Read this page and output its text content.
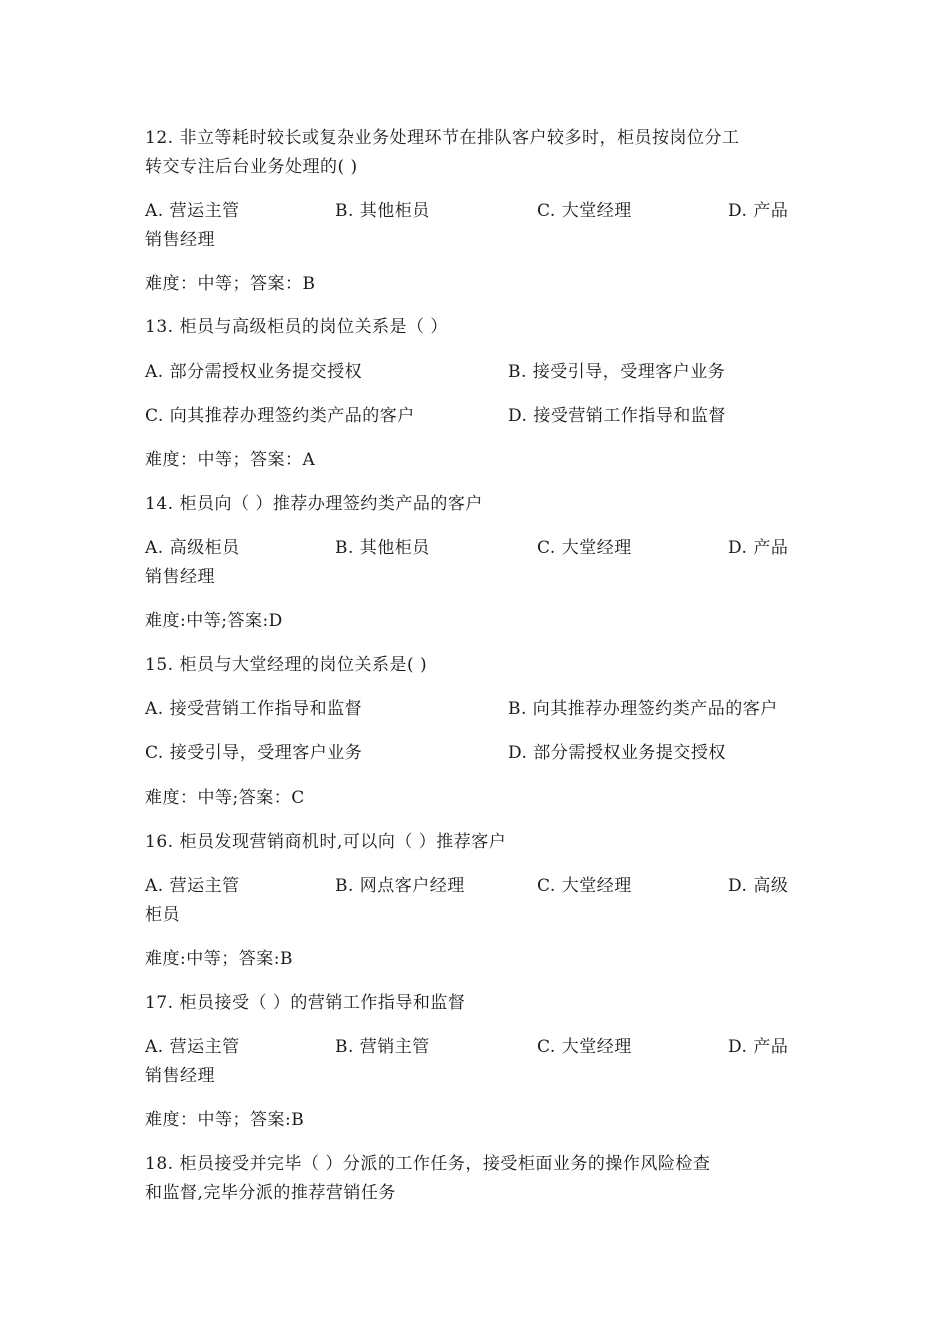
12. 非立等耗时较长或复杂业务处理环节在排队客户较多时，柜员按岗位分工
转交专注后台业务处理的( )
A. 营运主管	B. 其他柜员	C. 大堂经理	D. 产品
销售经理
难度：中等；答案：B
13. 柜员与高级柜员的岗位关系是（ ）
A. 部分需授权业务提交授权	B. 接受引导，受理客户业务
C. 向其推荐办理签约类产品的客户	D. 接受营销工作指导和监督
难度：中等；答案：A
14. 柜员向（ ）推荐办理签约类产品的客户
A. 高级柜员	B. 其他柜员	C. 大堂经理	D. 产品
销售经理
难度:中等;答案:D
15. 柜员与大堂经理的岗位关系是( )
A. 接受营销工作指导和监督	B. 向其推荐办理签约类产品的客户
C. 接受引导，受理客户业务	D. 部分需授权业务提交授权
难度：中等;答案：C
16. 柜员发现营销商机时,可以向（ ）推荐客户
A. 营运主管	B. 网点客户经理	C. 大堂经理	D. 高级
柜员
难度:中等；答案:B
17. 柜员接受（ ）的营销工作指导和监督
A. 营运主管	B. 营销主管	C. 大堂经理	D. 产品
销售经理
难度：中等；答案:B
18. 柜员接受并完毕（ ）分派的工作任务，接受柜面业务的操作风险检查
和监督,完毕分派的推荐营销任务
